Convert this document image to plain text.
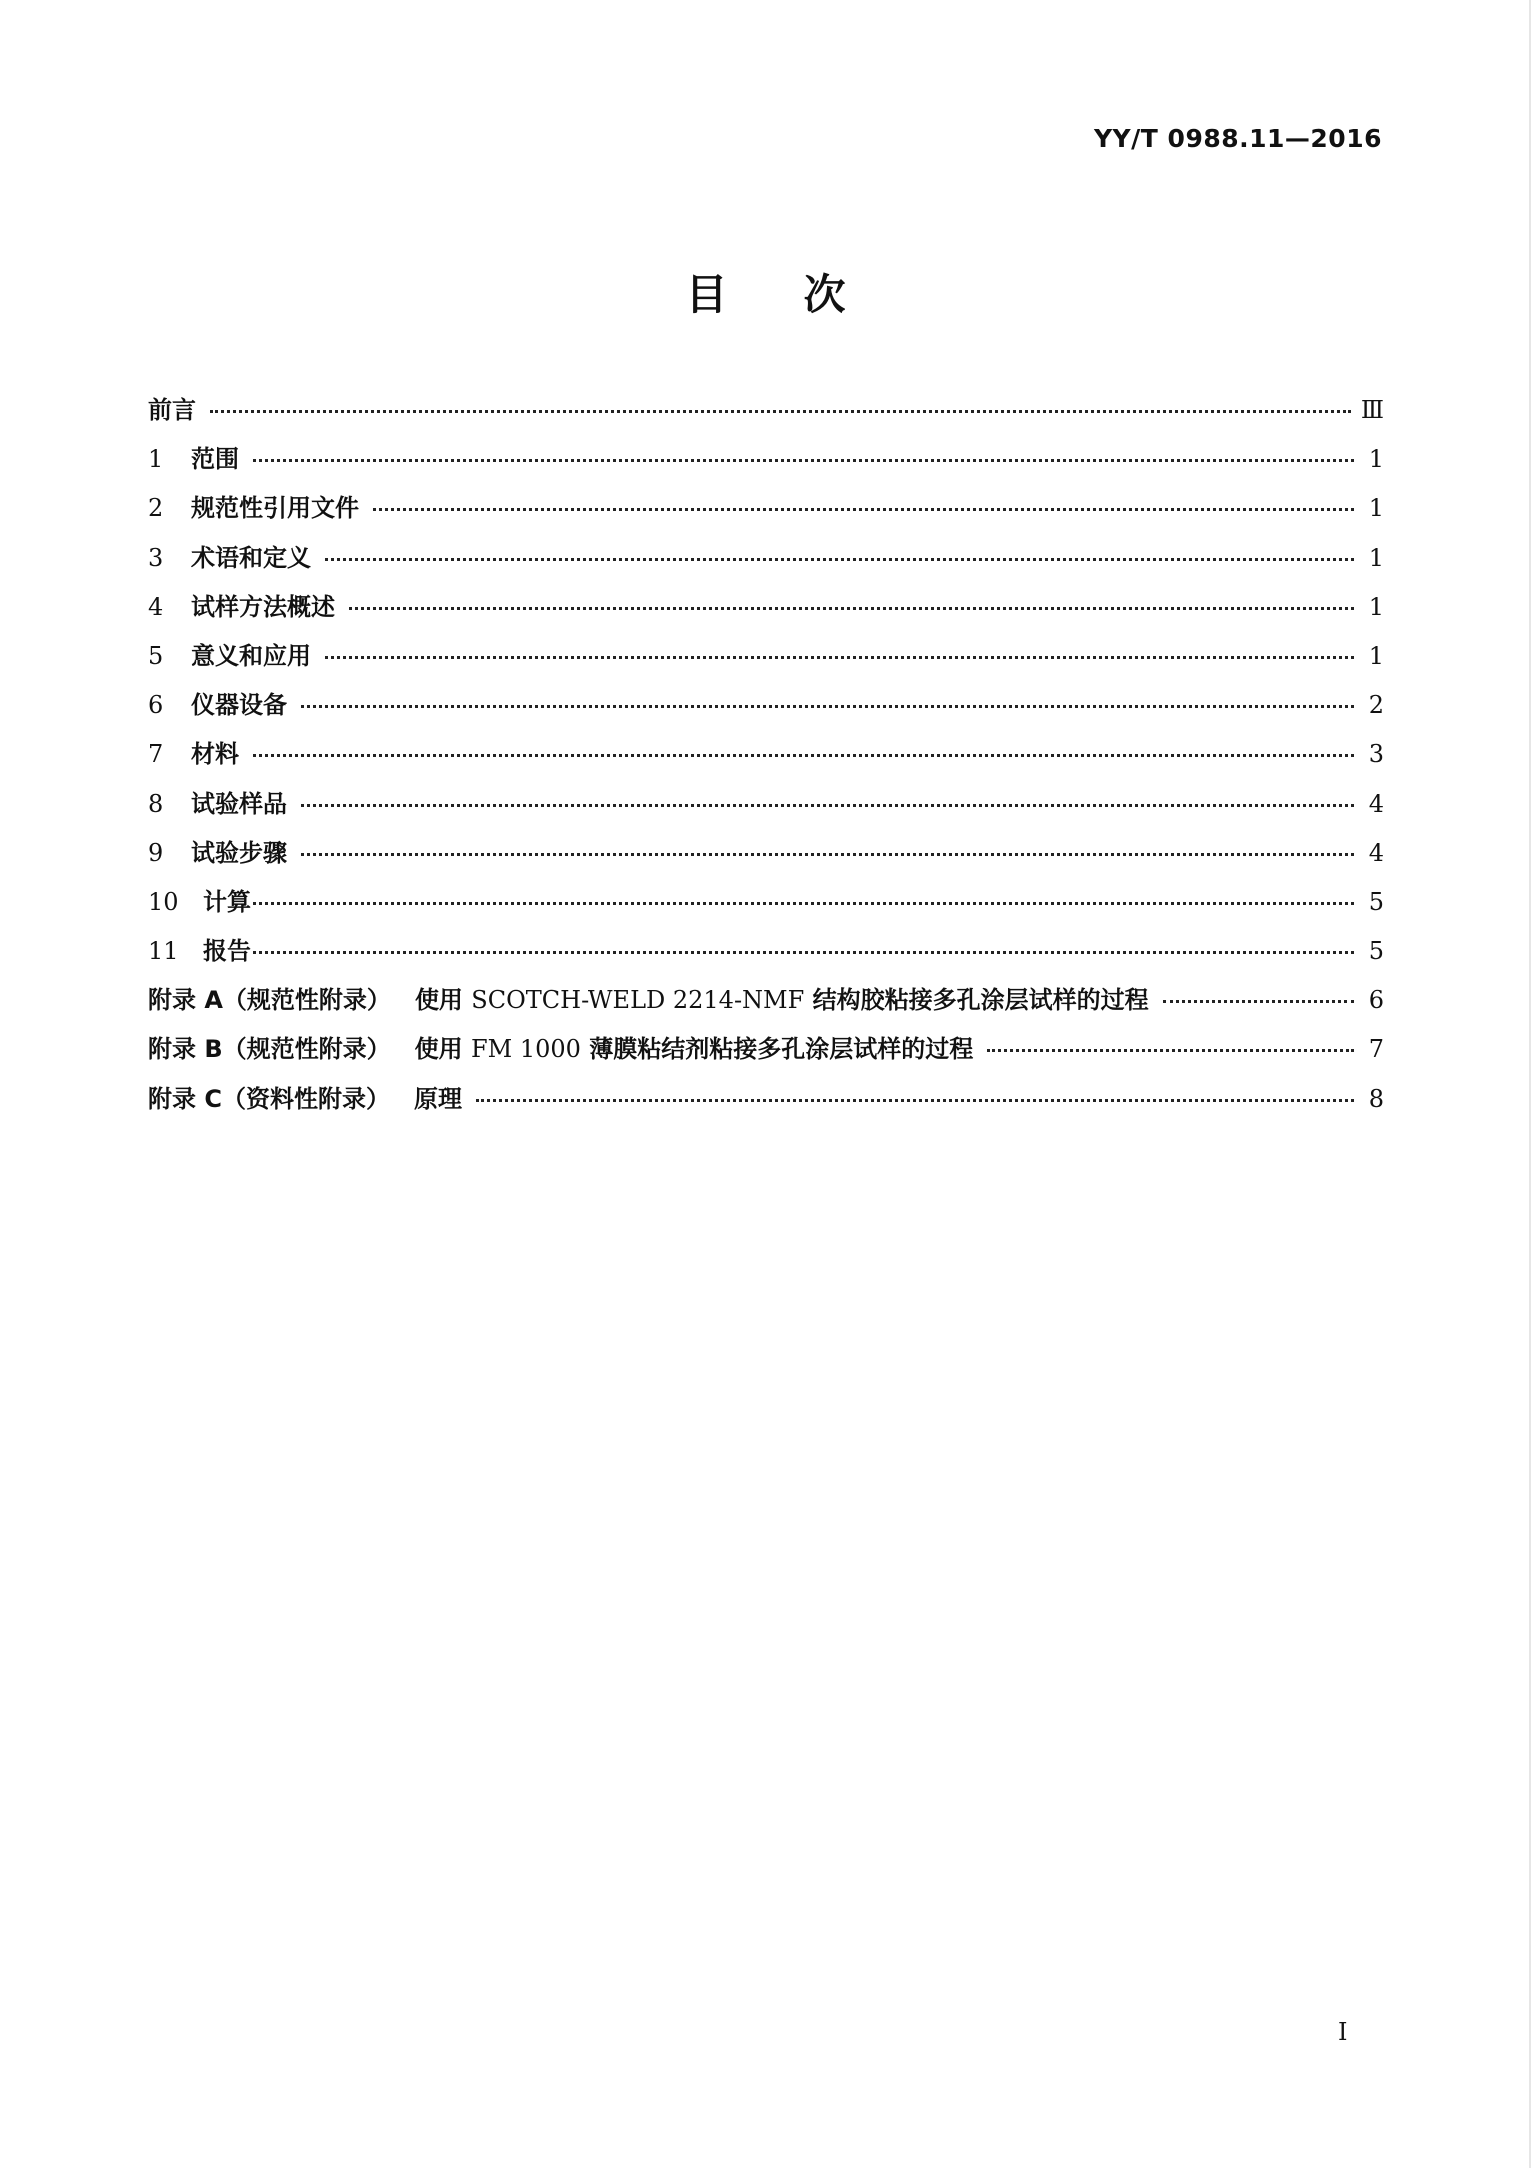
YY/T 0988.11—2016
目 次
前言	Ⅲ
1	范围	1
2	规范性引用文件	1
3	术语和定义	1
4	试样方法概述	1
5	意义和应用	1
6	仪器设备	2
7	材料	3
8	试验样品	4
9	试验步骤	4
10	计算	5
11	报告	5
附录 A（规范性附录） 使用 SCOTCH-WELD 2214-NMF 结构胶粘接多孔涂层试样的过程	6
附录 B（规范性附录） 使用 FM 1000 薄膜粘结剂粘接多孔涂层试样的过程	7
附录 C（资料性附录） 原理	8
I
